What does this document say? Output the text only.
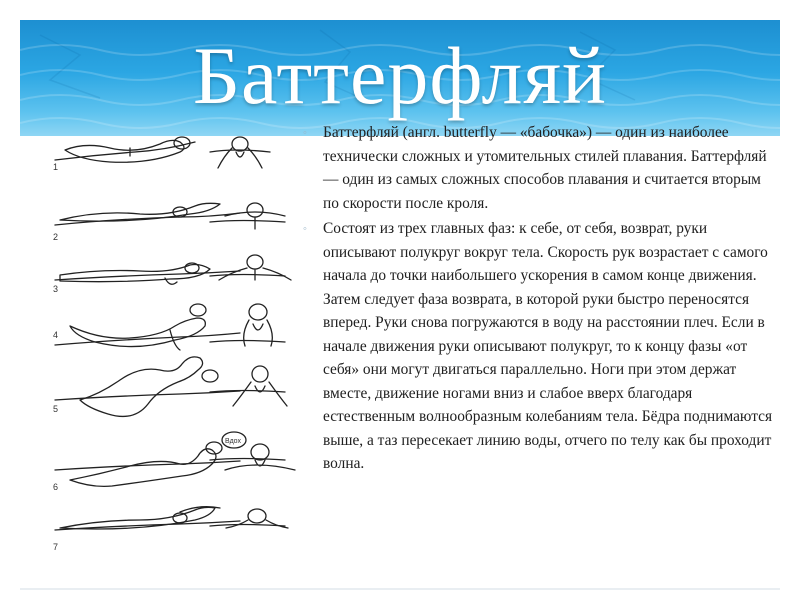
Баттерфляй
1
2
3
4
5
6
7
Вдох
◦ Баттерфляй (англ. butterfly — «бабочка») — один из наиболее технически сложных и утомительных стилей плавания. Баттерфляй — один из самых сложных способов плавания и считается вторым по скорости после кроля.
◦ Состоят из трех главных фаз: к себе, от себя, возврат, руки описывают полукруг вокруг тела. Скорость рук возрастает с самого начала до точки наибольшего ускорения в самом конце движения. Затем следует фаза возврата, в которой руки быстро переносятся вперед. Руки снова погружаются в воду на расстоянии плеч. Если в начале движения руки описывают полукруг, то к концу фазы «от себя» они могут двигаться параллельно. Ноги при этом держат вместе, движение ногами вниз и слабое вверх благодаря естественным волнообразным колебаниям тела. Бёдра поднимаются выше, а таз пересекает линию воды, отчего по телу как бы проходит волна.
